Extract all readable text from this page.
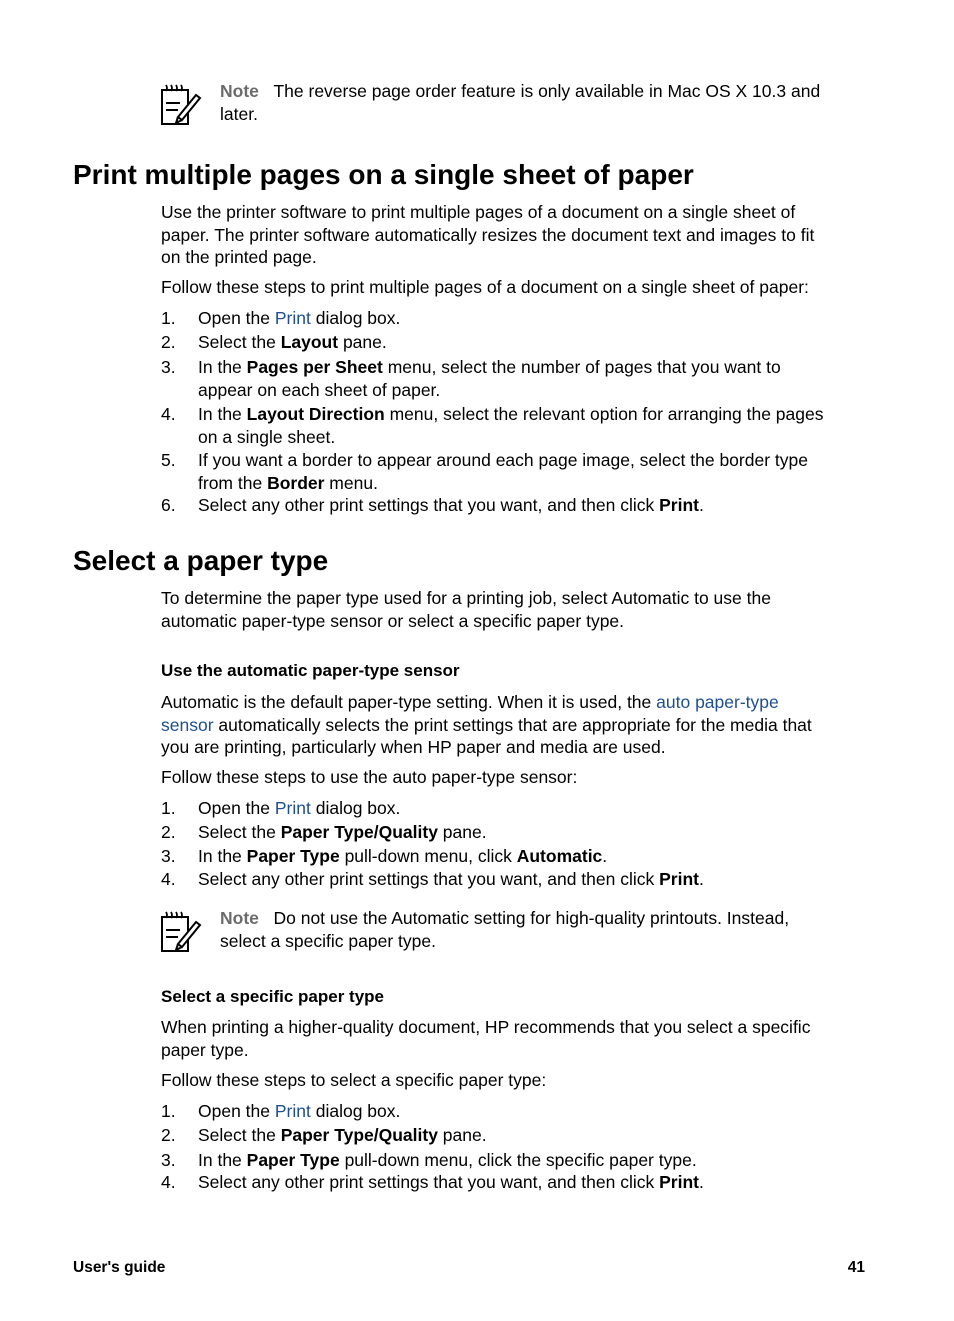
Note The reverse page order feature is only available in Mac OS X 10.3 and
later.
Print multiple pages on a single sheet of paper
Use the printer software to print multiple pages of a document on a single sheet of
paper. The printer software automatically resizes the document text and images to fit
on the printed page.
Follow these steps to print multiple pages of a document on a single sheet of paper:
1.	Open the Print dialog box.
2.	Select the Layout pane.
3.	In the Pages per Sheet menu, select the number of pages that you want to
appear on each sheet of paper.
4.	In the Layout Direction menu, select the relevant option for arranging the pages
on a single sheet.
5.	If you want a border to appear around each page image, select the border type
from the Border menu.
6.	Select any other print settings that you want, and then click Print.
Select a paper type
To determine the paper type used for a printing job, select Automatic to use the
automatic paper-type sensor or select a specific paper type.
Use the automatic paper-type sensor
Automatic is the default paper-type setting. When it is used, the auto paper-type
sensor automatically selects the print settings that are appropriate for the media that
you are printing, particularly when HP paper and media are used.
Follow these steps to use the auto paper-type sensor:
1.	Open the Print dialog box.
2.	Select the Paper Type/Quality pane.
3.	In the Paper Type pull-down menu, click Automatic.
4.	Select any other print settings that you want, and then click Print.
Note Do not use the Automatic setting for high-quality printouts. Instead,
select a specific paper type.
Select a specific paper type
When printing a higher-quality document, HP recommends that you select a specific
paper type.
Follow these steps to select a specific paper type:
1.	Open the Print dialog box.
2.	Select the Paper Type/Quality pane.
3.	In the Paper Type pull-down menu, click the specific paper type.
4.	Select any other print settings that you want, and then click Print.
User's guide	41
